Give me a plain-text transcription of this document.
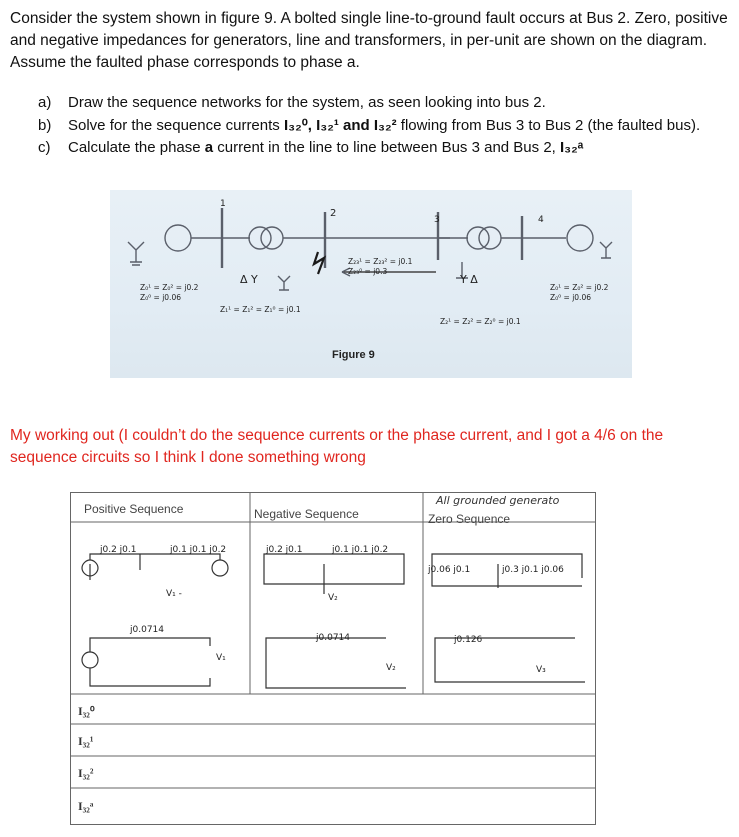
Consider the system shown in figure 9. A bolted single line-to-ground fault occurs at Bus 2. Zero, positive and negative impedances for generators, line and transformers, in per-unit are shown on the diagram. Assume the faulted phase corresponds to phase a.

a)	Draw the sequence networks for the system, as seen looking into bus 2.
b)	Solve for the sequence currents I₃₂⁰, I₃₂¹ and I₃₂² flowing from Bus 3 to Bus 2 (the faulted bus).
c)	Calculate the phase a current in the line to line between Bus 3 and Bus 2, I₃₂ᵃ
1
2
3	4
Δ Y	Y Δ
Z₀¹ = Z₀² = j0.2
Z₀⁰ = j0.06
Z₁¹ = Z₁² = Z₁⁰ = j0.1
Z₂₃¹ = Z₂₃² = j0.1
Z₂₃⁰ = j0.3
Z₂¹ = Z₂² = Z₂⁰ = j0.1
Z₀¹ = Z₀² = j0.2
Z₀⁰ = j0.06
Figure 9

My working out (I couldn’t do the sequence currents or the phase current, and I got a 4/6 on the sequence circuits so I think I done something wrong

Positive Sequence	Negative Sequence	Zero Sequence
All grounded generato
I₃₂⁰
I₃₂¹
I₃₂²
I₃₂ᵃ
j0.2 j0.1	j0.1 j0.1 j0.2
V₁ -
j0.0714
V₁
j0.2 j0.1	j0.1 j0.1 j0.2
V₂
j0.0714
V₂
j0.06 j0.1	j0.3 j0.1 j0.06
j0.126
V₃
